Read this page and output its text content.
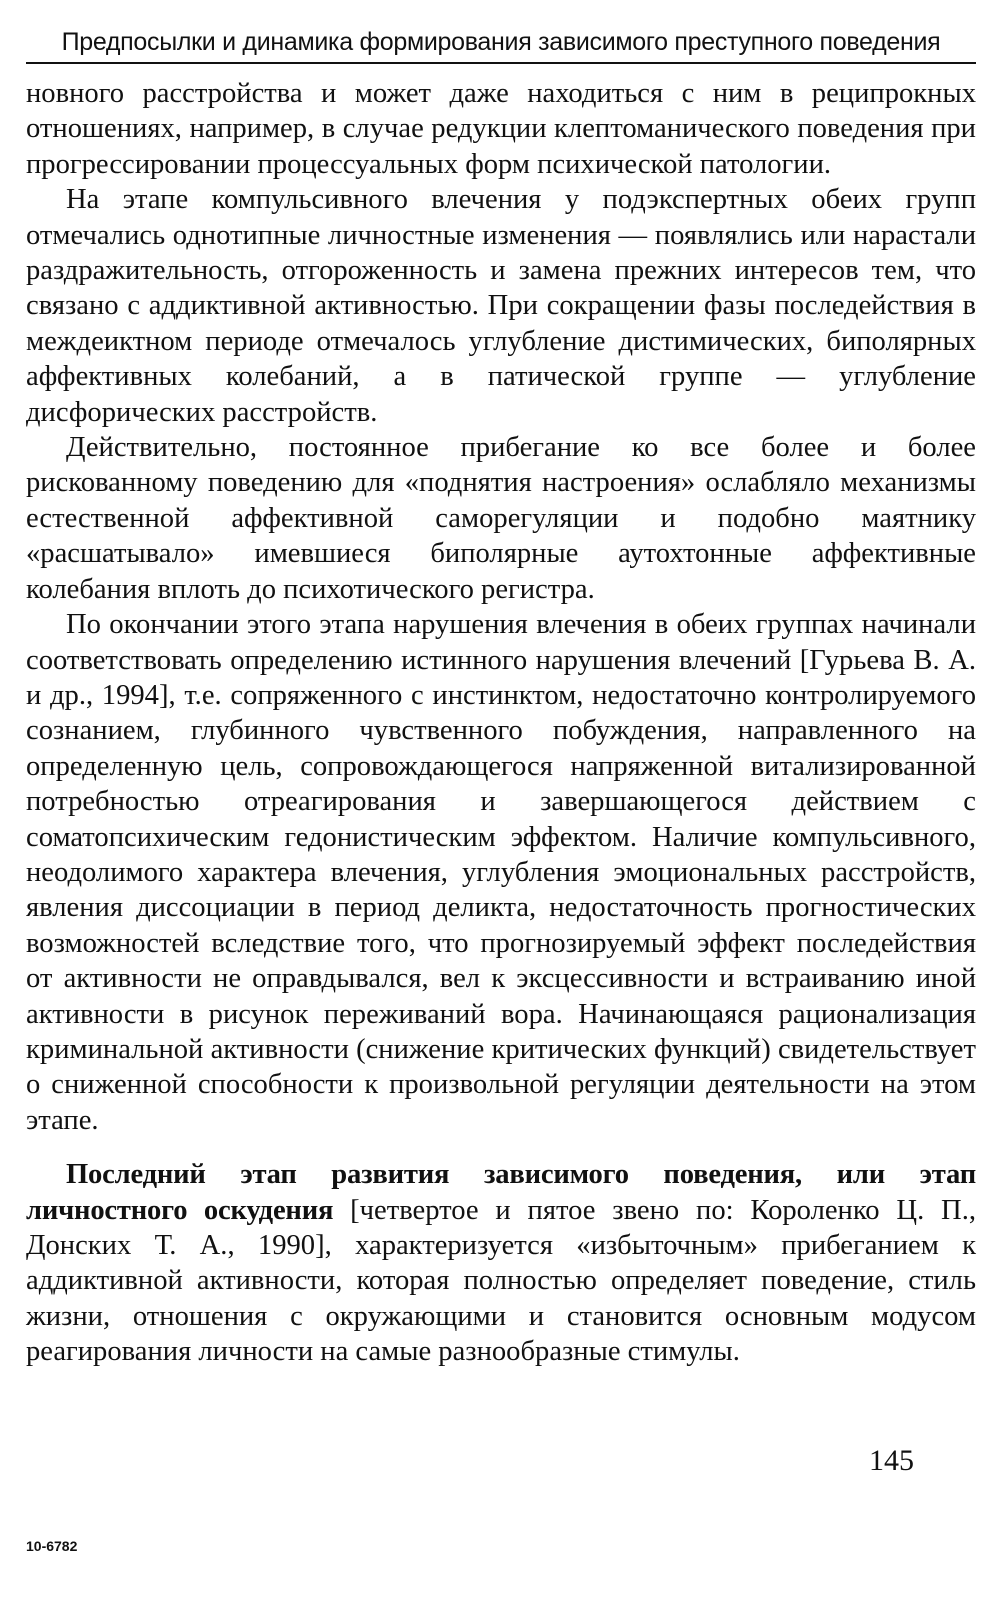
Предпосылки и динамика формирования зависимого преступного поведения

новного расстройства и может даже находиться с ним в реципрокных отношениях, например, в случае редукции клептоманического поведения при прогрессировании процессуальных форм психической патологии.

На этапе компульсивного влечения у подэкспертных обеих групп отмечались однотипные личностные изменения — появлялись или нарастали раздражительность, отгороженность и замена прежних интересов тем, что связано с аддиктивной активностью. При сокращении фазы последействия в междеиктном периоде отмечалось углубление дистимических, биполярных аффективных колебаний, а в патической группе — углубление дисфорических расстройств.

Действительно, постоянное прибегание ко все более и более рискованному поведению для «поднятия настроения» ослабляло механизмы естественной аффективной саморегуляции и подобно маятнику «расшатывало» имевшиеся биполярные аутохтонные аффективные колебания вплоть до психотического регистра.

По окончании этого этапа нарушения влечения в обеих группах начинали соответствовать определению истинного нарушения влечений [Гурьева В. А. и др., 1994], т.е. сопряженного с инстинктом, недостаточно контролируемого сознанием, глубинного чувственного побуждения, направленного на определенную цель, сопровождающегося напряженной витализированной потребностью отреагирования и завершающегося действием с соматопсихическим гедонистическим эффектом. Наличие компульсивного, неодолимого характера влечения, углубления эмоциональных расстройств, явления диссоциации в период деликта, недостаточность прогностических возможностей вследствие того, что прогнозируемый эффект последействия от активности не оправдывался, вел к эксцессивности и встраиванию иной активности в рисунок переживаний вора. Начинающаяся рационализация криминальной активности (снижение критических функций) свидетельствует о сниженной способности к произвольной регуляции деятельности на этом этапе.

Последний этап развития зависимого поведения, или этап личностного оскудения [четвертое и пятое звено по: Короленко Ц. П., Донских Т. А., 1990], характеризуется «избыточным» прибеганием к аддиктивной активности, которая полностью определяет поведение, стиль жизни, отношения с окружающими и становится основным модусом реагирования личности на самые разнообразные стимулы.

145
10-6782
